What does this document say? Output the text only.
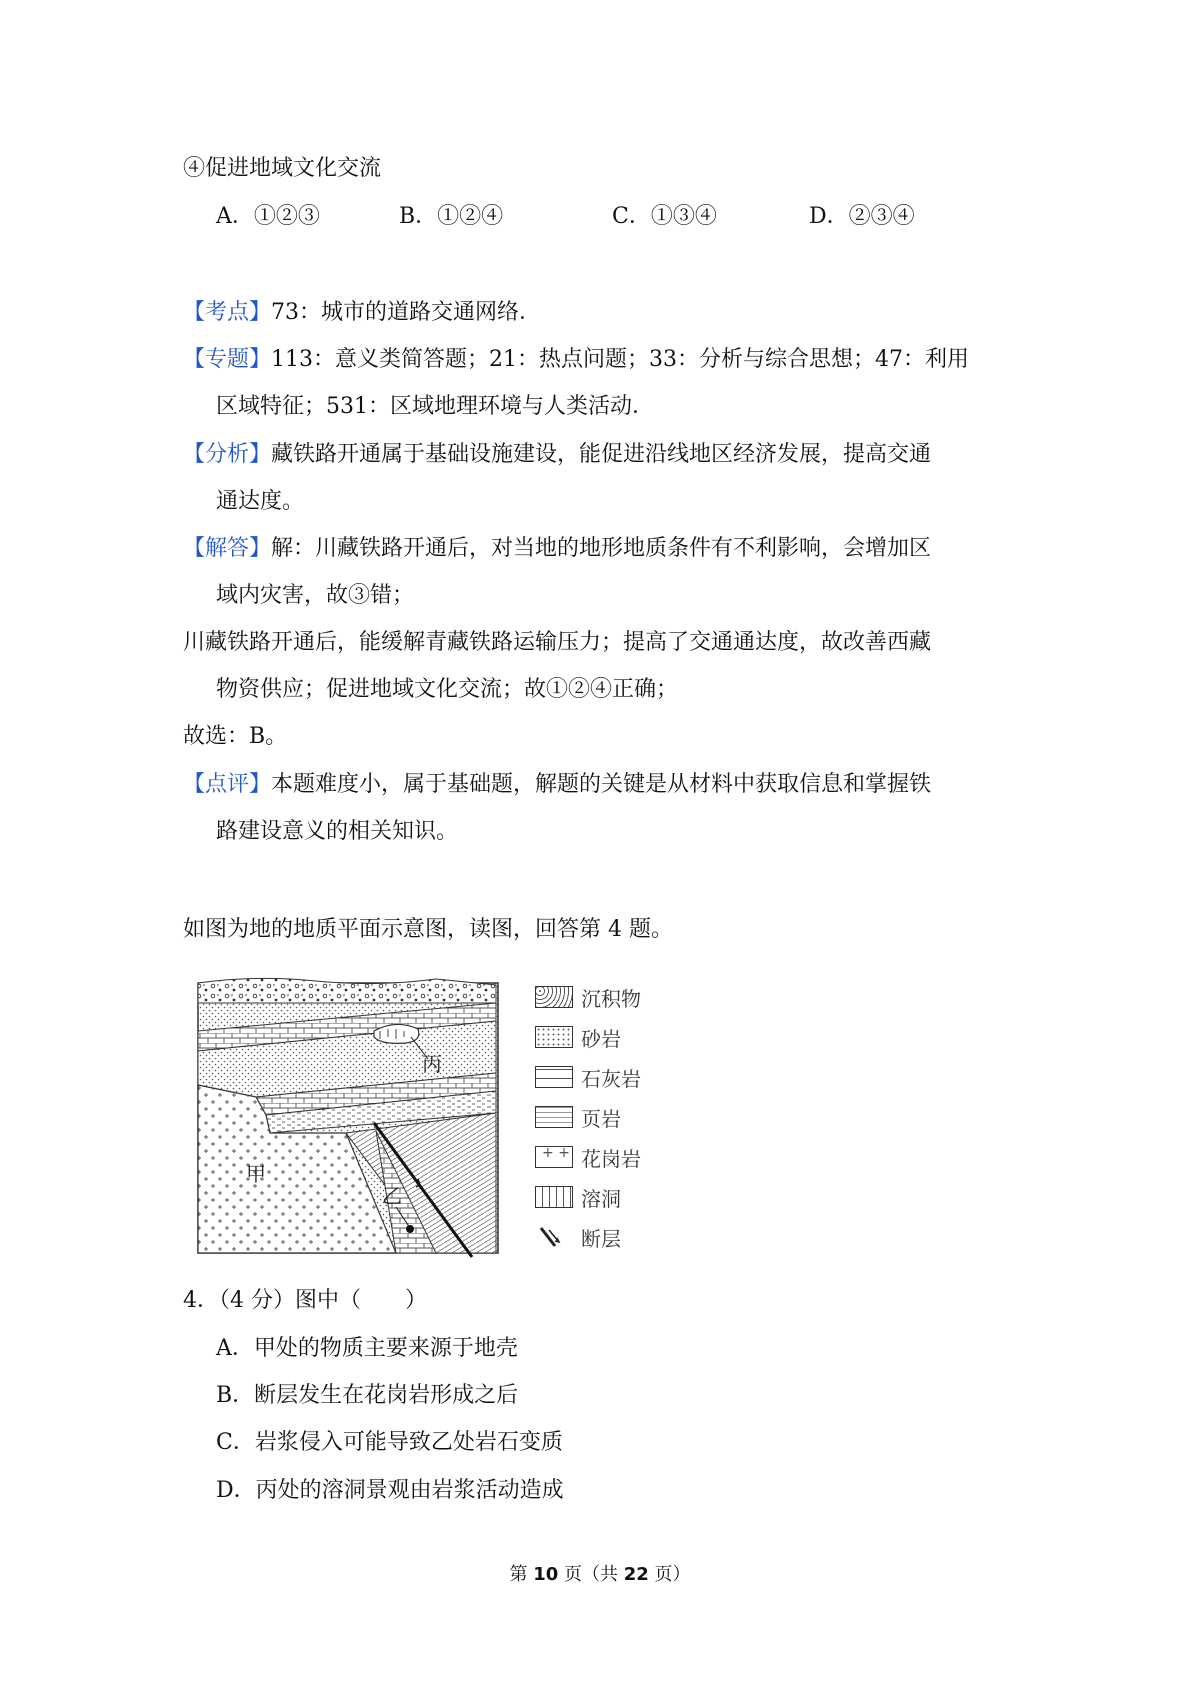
④促进地域文化交流
A．①②③	B．①②④	C．①③④	D．②③④
【考点】73：城市的道路交通网络．
【专题】113：意义类简答题；21：热点问题；33：分析与综合思想；47：利用
区域特征；531：区域地理环境与人类活动．
【分析】藏铁路开通属于基础设施建设，能促进沿线地区经济发展，提高交通
通达度。
【解答】解：川藏铁路开通后，对当地的地形地质条件有不利影响，会增加区
域内灾害，故③错；
川藏铁路开通后，能缓解青藏铁路运输压力；提高了交通通达度，故改善西藏
物资供应；促进地域文化交流；故①②④正确；
故选：B。
【点评】本题难度小，属于基础题，解题的关键是从材料中获取信息和掌握铁
路建设意义的相关知识。
如图为地的地质平面示意图，读图，回答第 4 题。
丙
甲
乙
沉积物
砂岩
石灰岩
页岩
+ + 花岗岩
溶洞
断层
4．（4 分）图中（　　）
A．甲处的物质主要来源于地壳
B．断层发生在花岗岩形成之后
C．岩浆侵入可能导致乙处岩石变质
D．丙处的溶洞景观由岩浆活动造成
第 10 页（共 22 页）
